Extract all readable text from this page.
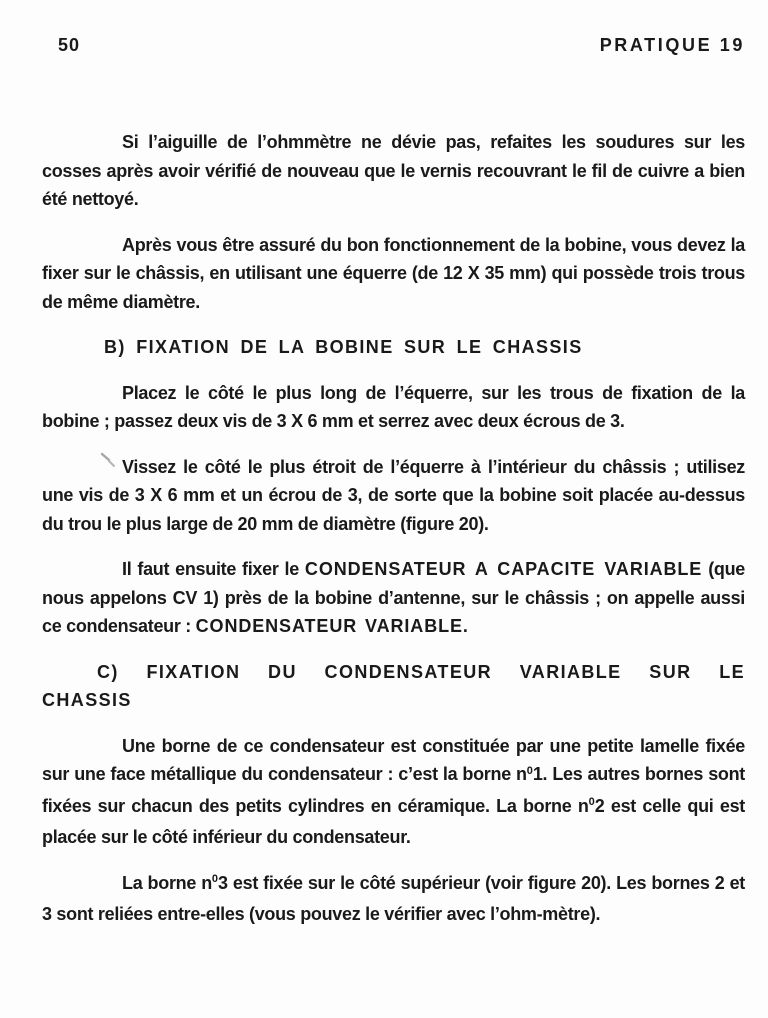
50	PRATIQUE 19

Si l’aiguille de l’ohmmètre ne dévie pas, refaites les soudures sur les cosses après avoir vérifié de nouveau que le vernis recouvrant le fil de cuivre a bien été nettoyé.

Après vous être assuré du bon fonctionnement de la bobine, vous devez la fixer sur le châssis, en utilisant une équerre (de 12 X 35 mm) qui possède trois trous de même diamètre.

B) FIXATION DE LA BOBINE SUR LE CHASSIS

Placez le côté le plus long de l’équerre, sur les trous de fixation de la bobine ; passez deux vis de 3 X 6 mm et serrez avec deux écrous de 3.

Vissez le côté le plus étroit de l’équerre à l’intérieur du châssis ; utilisez une vis de 3 X 6 mm et un écrou de 3, de sorte que la bobine soit placée au-dessus du trou le plus large de 20 mm de diamètre (figure 20).

Il faut ensuite fixer le CONDENSATEUR A CAPACITE VARIABLE (que nous appelons CV 1) près de la bobine d’antenne, sur le châssis ; on appelle aussi ce condensateur : CONDENSATEUR VARIABLE.

C) FIXATION DU CONDENSATEUR VARIABLE SUR LE
CHASSIS

Une borne de ce condensateur est constituée par une petite lamelle fixée sur une face métallique du condensateur : c’est la borne $n^01$. Les autres bornes sont fixées sur chacun des petits cylindres en céramique. La borne $n^02$ est celle qui est placée sur le côté inférieur du condensateur.

La borne $n^03$ est fixée sur le côté supérieur (voir figure 20). Les bornes 2 et 3 sont reliées entre-elles (vous pouvez le vérifier avec l’ohm-mètre).
